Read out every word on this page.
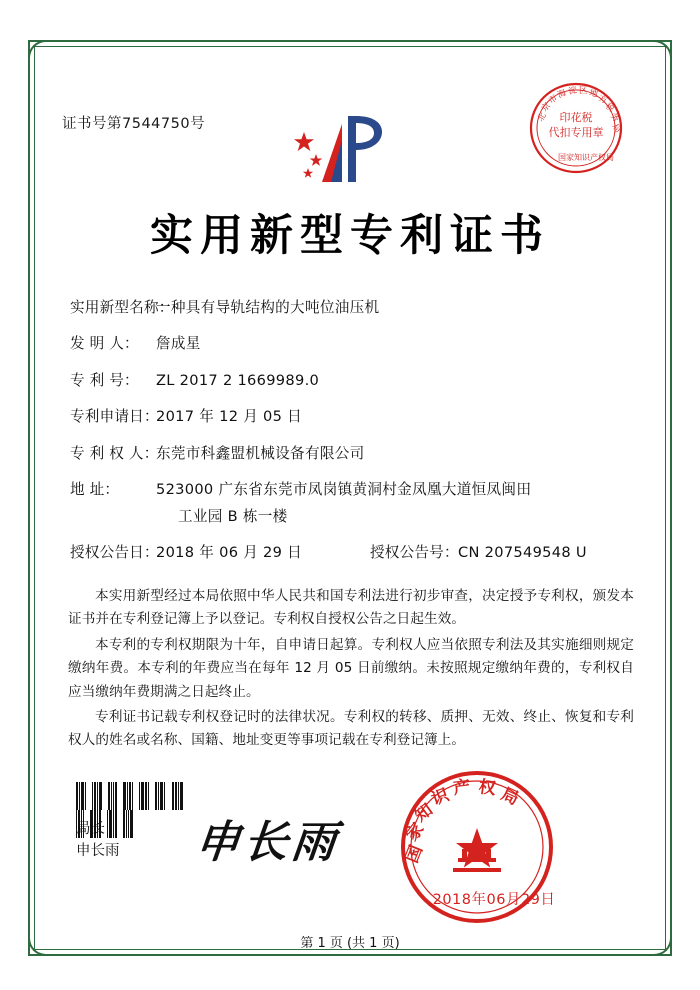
证书号第7544750号	印花税
代扣专用章
北
京
市
海 淀 区 地
方
税
务
局
国家知识产权局
实用新型专利证书
实用新型名称：
一种具有导轨结构的大吨位油压机
发 明 人：	詹成星
专 利 号：	ZL 2017 2 1669989.0
专利申请日：
2017 年 12 月 05 日
专 利 权 人：
东莞市科鑫盟机械设备有限公司
地 址：	523000 广东省东莞市凤岗镇黄洞村金凤凰大道恒凤闽田
工业园 B 栋一楼
授权公告日：
2018 年 06 月 29 日	授权公告号： CN 207549548 U

本实用新型经过本局依照中华人民共和国专利法进行初步审查，决定授予专利权，颁发本证书并在专利登记簿上予以登记。专利权自授权公告之日起生效。

本专利的专利权期限为十年，自申请日起算。专利权人应当依照专利法及其实施细则规定缴纳年费。本专利的年费应当在每年 12 月 05 日前缴纳。未按照规定缴纳年费的，专利权自应当缴纳年费期满之日起终止。

专利证书记载专利权登记时的法律状况。专利权的转移、质押、无效、终止、恢复和专利权人的姓名或名称、国籍、地址变更等事项记载在专利登记簿上。

局长
申长雨 申长雨	国
家
知
识 产 权 局
2018年06月29日
第 1 页 (共 1 页)
